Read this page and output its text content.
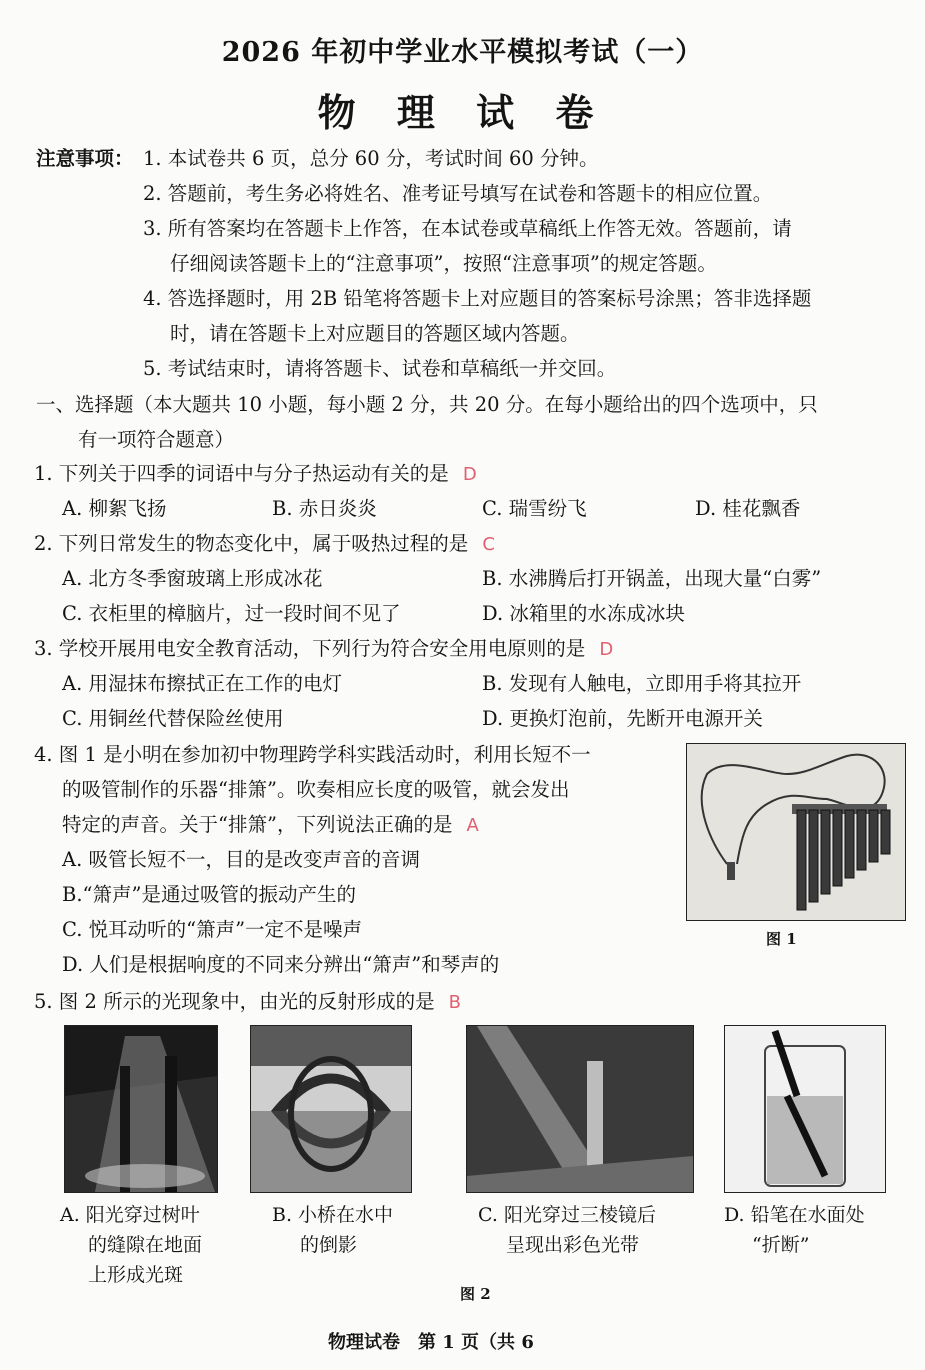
2026 年初中学业水平模拟考试（一）
物 理 试 卷
注意事项： 1. 本试卷共 6 页，总分 60 分，考试时间 60 分钟。
2. 答题前，考生务必将姓名、准考证号填写在试卷和答题卡的相应位置。
3. 所有答案均在答题卡上作答，在本试卷或草稿纸上作答无效。答题前，请
仔细阅读答题卡上的“注意事项”，按照“注意事项”的规定答题。
4. 答选择题时，用 2B 铅笔将答题卡上对应题目的答案标号涂黑；答非选择题
时，请在答题卡上对应题目的答题区域内答题。
5. 考试结束时，请将答题卡、试卷和草稿纸一并交回。
一、选择题（本大题共 10 小题，每小题 2 分，共 20 分。在每小题给出的四个选项中，只
有一项符合题意）
1. 下列关于四季的词语中与分子热运动有关的是 D
A. 柳絮飞扬	B. 赤日炎炎	C. 瑞雪纷飞	D. 桂花飘香
2. 下列日常发生的物态变化中，属于吸热过程的是 C
A. 北方冬季窗玻璃上形成冰花	B. 水沸腾后打开锅盖，出现大量“白雾”
C. 衣柜里的樟脑片，过一段时间不见了	D. 冰箱里的水冻成冰块
3. 学校开展用电安全教育活动，下列行为符合安全用电原则的是 D
A. 用湿抹布擦拭正在工作的电灯	B. 发现有人触电，立即用手将其拉开
C. 用铜丝代替保险丝使用	D. 更换灯泡前，先断开电源开关
4. 图 1 是小明在参加初中物理跨学科实践活动时，利用长短不一
的吸管制作的乐器“排箫”。吹奏相应长度的吸管，就会发出
特定的声音。关于“排箫”，下列说法正确的是 A
A. 吸管长短不一，目的是改变声音的音调
B.“箫声”是通过吸管的振动产生的
C. 悦耳动听的“箫声”一定不是噪声
D. 人们是根据响度的不同来分辨出“箫声”和琴声的
图 1
5. 图 2 所示的光现象中，由光的反射形成的是 B
A. 阳光穿过树叶
的缝隙在地面
上形成光斑
B. 小桥在水中
的倒影
C. 阳光穿过三棱镜后
呈现出彩色光带
D. 铅笔在水面处
“折断”
图 2
物理试卷　第 1 页（共 6
